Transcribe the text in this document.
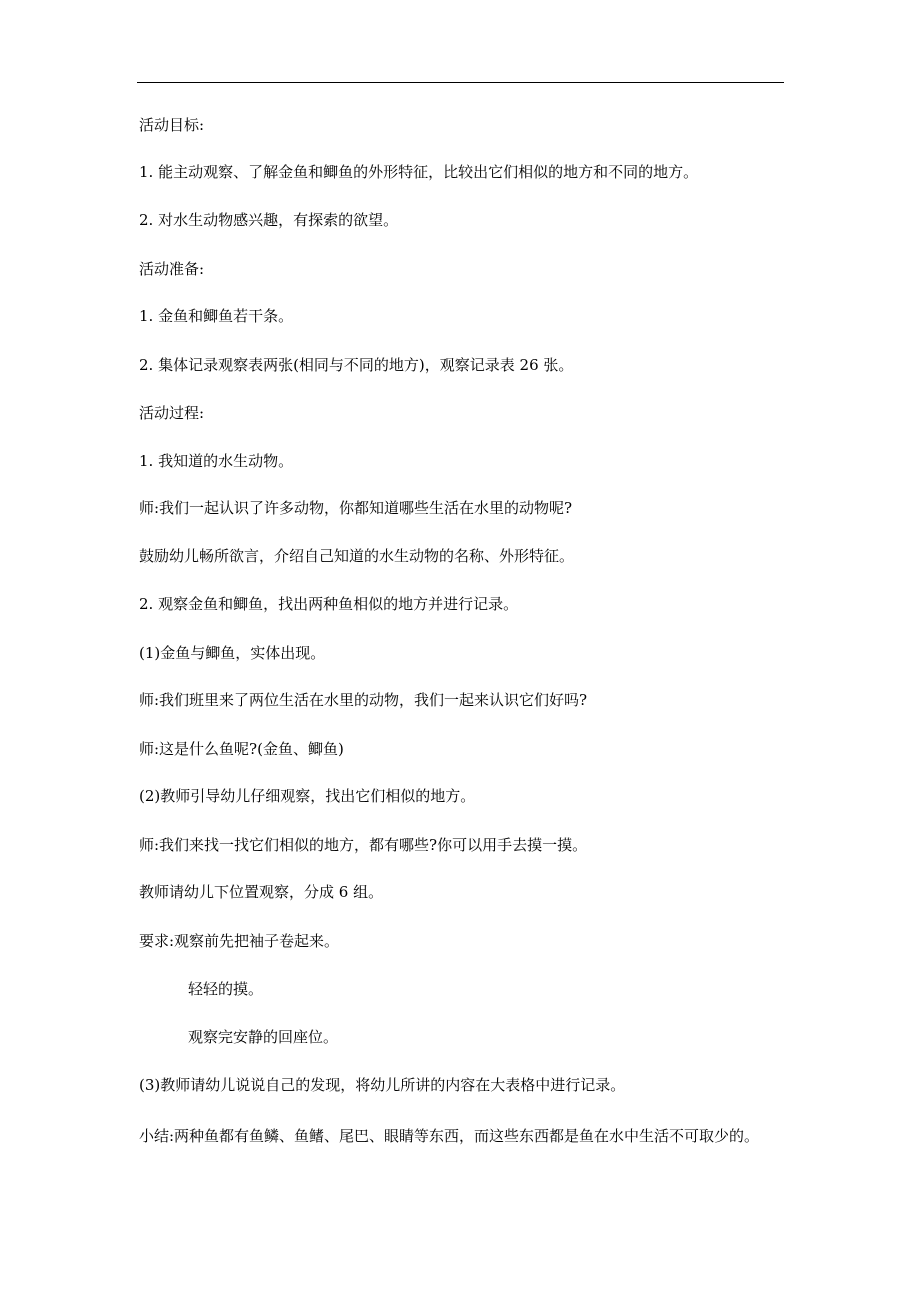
活动目标:

1. 能主动观察、了解金鱼和鲫鱼的外形特征，比较出它们相似的地方和不同的地方。

2. 对水生动物感兴趣，有探索的欲望。

活动准备:

1. 金鱼和鲫鱼若干条。

2. 集体记录观察表两张(相同与不同的地方)，观察记录表 26 张。

活动过程:

1. 我知道的水生动物。

师:我们一起认识了许多动物，你都知道哪些生活在水里的动物呢?

鼓励幼儿畅所欲言，介绍自己知道的水生动物的名称、外形特征。

2. 观察金鱼和鲫鱼，找出两种鱼相似的地方并进行记录。

(1)金鱼与鲫鱼，实体出现。

师:我们班里来了两位生活在水里的动物，我们一起来认识它们好吗?

师:这是什么鱼呢?(金鱼、鲫鱼)

(2)教师引导幼儿仔细观察，找出它们相似的地方。

师:我们来找一找它们相似的地方，都有哪些?你可以用手去摸一摸。

教师请幼儿下位置观察，分成 6 组。

要求:观察前先把袖子卷起来。

轻轻的摸。

观察完安静的回座位。

(3)教师请幼儿说说自己的发现，将幼儿所讲的内容在大表格中进行记录。

小结:两种鱼都有鱼鳞、鱼鳍、尾巴、眼睛等东西，而这些东西都是鱼在水中生活不可取少的。
